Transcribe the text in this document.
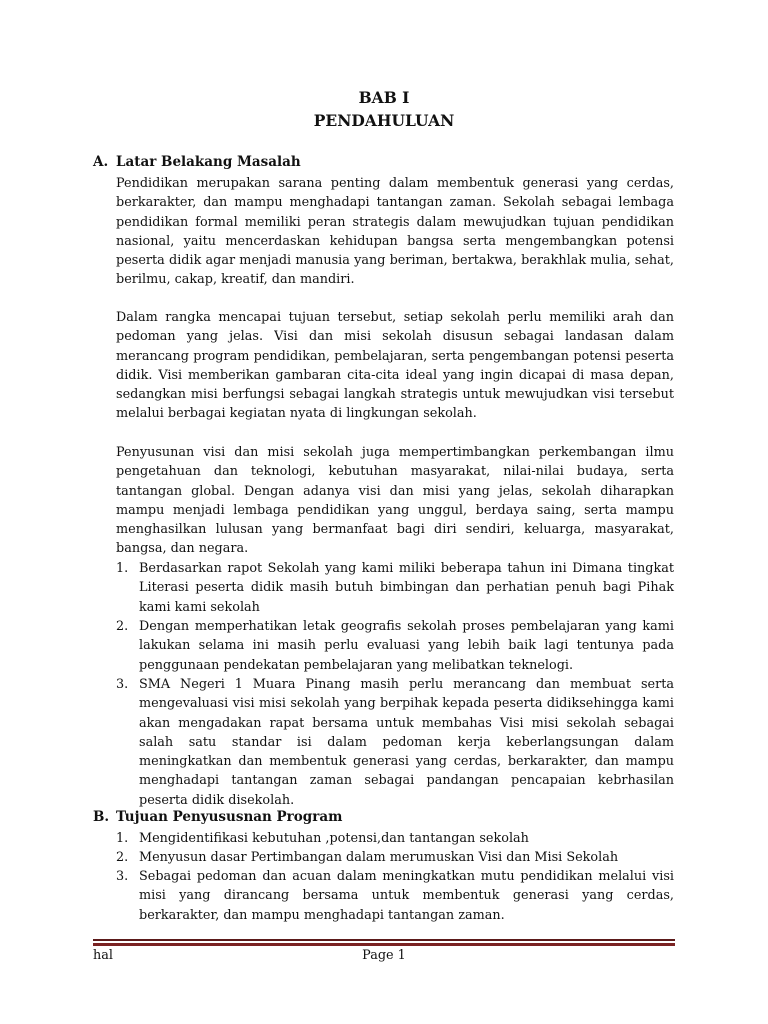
BAB I
PENDAHULUAN
A. Latar Belakang Masalah

Pendidikan merupakan sarana penting dalam membentuk generasi yang cerdas, berkarakter, dan mampu menghadapi tantangan zaman. Sekolah sebagai lembaga pendidikan formal memiliki peran strategis dalam mewujudkan tujuan pendidikan nasional, yaitu mencerdaskan kehidupan bangsa serta mengembangkan potensi peserta didik agar menjadi manusia yang beriman, bertakwa, berakhlak mulia, sehat, berilmu, cakap, kreatif, dan mandiri.

Dalam rangka mencapai tujuan tersebut, setiap sekolah perlu memiliki arah dan pedoman yang jelas. Visi dan misi sekolah disusun sebagai landasan dalam merancang program pendidikan, pembelajaran, serta pengembangan potensi peserta didik. Visi memberikan gambaran cita-cita ideal yang ingin dicapai di masa depan, sedangkan misi berfungsi sebagai langkah strategis untuk mewujudkan visi tersebut melalui berbagai kegiatan nyata di lingkungan sekolah.

Penyusunan visi dan misi sekolah juga mempertimbangkan perkembangan ilmu pengetahuan dan teknologi, kebutuhan masyarakat, nilai-nilai budaya, serta tantangan global. Dengan adanya visi dan misi yang jelas, sekolah diharapkan mampu menjadi lembaga pendidikan yang unggul, berdaya saing, serta mampu menghasilkan lulusan yang bermanfaat bagi diri sendiri, keluarga, masyarakat, bangsa, dan negara.

1. Berdasarkan rapot Sekolah yang kami miliki beberapa tahun ini Dimana tingkat Literasi peserta didik masih butuh bimbingan dan perhatian penuh bagi Pihak kami kami sekolah
2. Dengan memperhatikan letak geografis sekolah proses pembelajaran yang kami lakukan selama ini masih perlu evaluasi yang lebih baik lagi tentunya pada penggunaan pendekatan pembelajaran yang melibatkan teknelogi.
3. SMA Negeri 1 Muara Pinang masih perlu merancang dan membuat serta mengevaluasi visi misi sekolah yang berpihak kepada peserta didiksehingga kami akan mengadakan rapat bersama untuk membahas Visi misi sekolah sebagai salah satu standar isi dalam pedoman kerja keberlangsungan dalam meningkatkan dan membentuk generasi yang cerdas, berkarakter, dan mampu menghadapi tantangan zaman sebagai pandangan pencapaian kebrhasilan peserta didik disekolah.
B. Tujuan Penyususnan Program
1. Mengidentifikasi kebutuhan ,potensi,dan tantangan sekolah
2. Menyusun dasar Pertimbangan dalam merumuskan Visi dan Misi Sekolah
3. Sebagai pedoman dan acuan dalam meningkatkan mutu pendidikan melalui visi misi yang dirancang bersama untuk membentuk generasi yang cerdas, berkarakter, dan mampu menghadapi tantangan zaman.
hal	Page 1
